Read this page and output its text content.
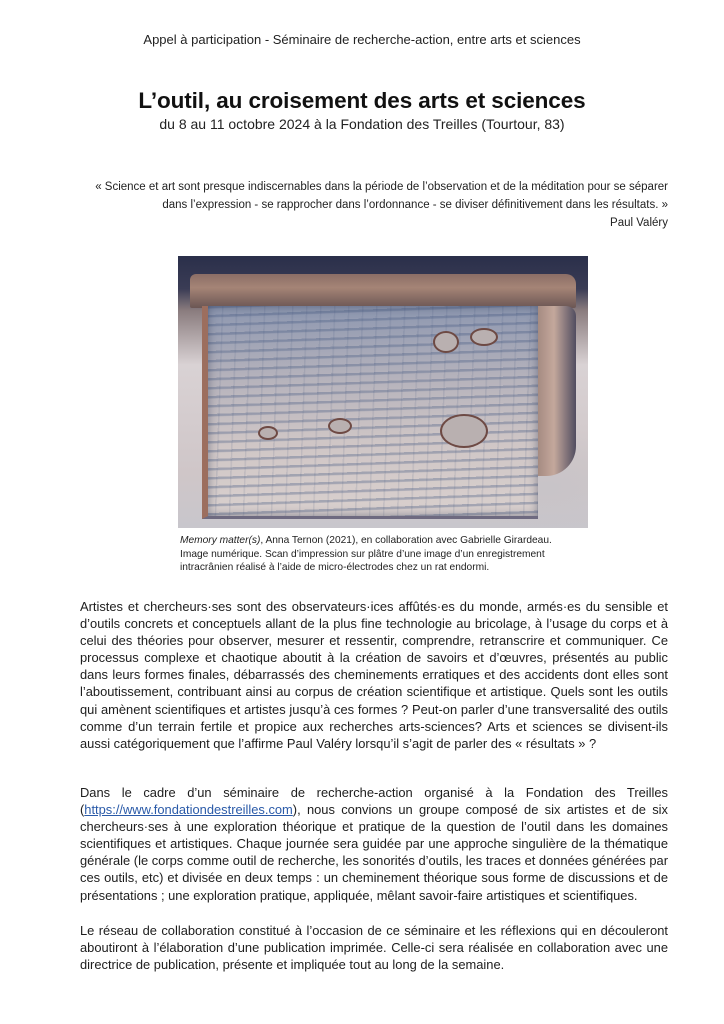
Appel à participation - Séminaire de recherche-action, entre arts et sciences
L’outil, au croisement des arts et sciences
du 8 au 11 octobre 2024 à la Fondation des Treilles (Tourtour, 83)
« Science et art sont presque indiscernables dans la période de l’observation et de la méditation pour se séparer
dans l’expression - se rapprocher dans l’ordonnance - se diviser définitivement dans les résultats. »
Paul Valéry
Memory matter(s), Anna Ternon (2021), en collaboration avec Gabrielle Girardeau.
Image numérique. Scan d’impression sur plâtre d’une image d’un enregistrement
intracrânien réalisé à l’aide de micro-électrodes chez un rat endormi.

Artistes et chercheurs·ses sont des observateurs·ices affûtés·es du monde, armés·es du sensible et d’outils concrets et conceptuels allant de la plus fine technologie au bricolage, à l’usage du corps et à celui des théories pour observer, mesurer et ressentir, comprendre, retranscrire et communiquer. Ce processus complexe et chaotique aboutit à la création de savoirs et d’œuvres, présentés au public dans leurs formes finales, débarrassés des cheminements erratiques et des accidents dont elles sont l’aboutissement, contribuant ainsi au corpus de création scientifique et artistique. Quels sont les outils qui amènent scientifiques et artistes jusqu’à ces formes ? Peut-on parler d’une transversalité des outils comme d’un terrain fertile et propice aux recherches arts-sciences? Arts et sciences se divisent-ils aussi catégoriquement que l’affirme Paul Valéry lorsqu’il s’agit de parler des « résultats » ?

Dans le cadre d’un séminaire de recherche-action organisé à la Fondation des Treilles (https://www.fondationdestreilles.com), nous convions un groupe composé de six artistes et de six chercheurs·ses à une exploration théorique et pratique de la question de l’outil dans les domaines scientifiques et artistiques. Chaque journée sera guidée par une approche singulière de la thématique générale (le corps comme outil de recherche, les sonorités d’outils, les traces et données générées par ces outils, etc) et divisée en deux temps : un cheminement théorique sous forme de discussions et de présentations ; une exploration pratique, appliquée, mêlant savoir-faire artistiques et scientifiques.

Le réseau de collaboration constitué à l’occasion de ce séminaire et les réflexions qui en découleront aboutiront à l’élaboration d’une publication imprimée. Celle-ci sera réalisée en collaboration avec une directrice de publication, présente et impliquée tout au long de la semaine.
